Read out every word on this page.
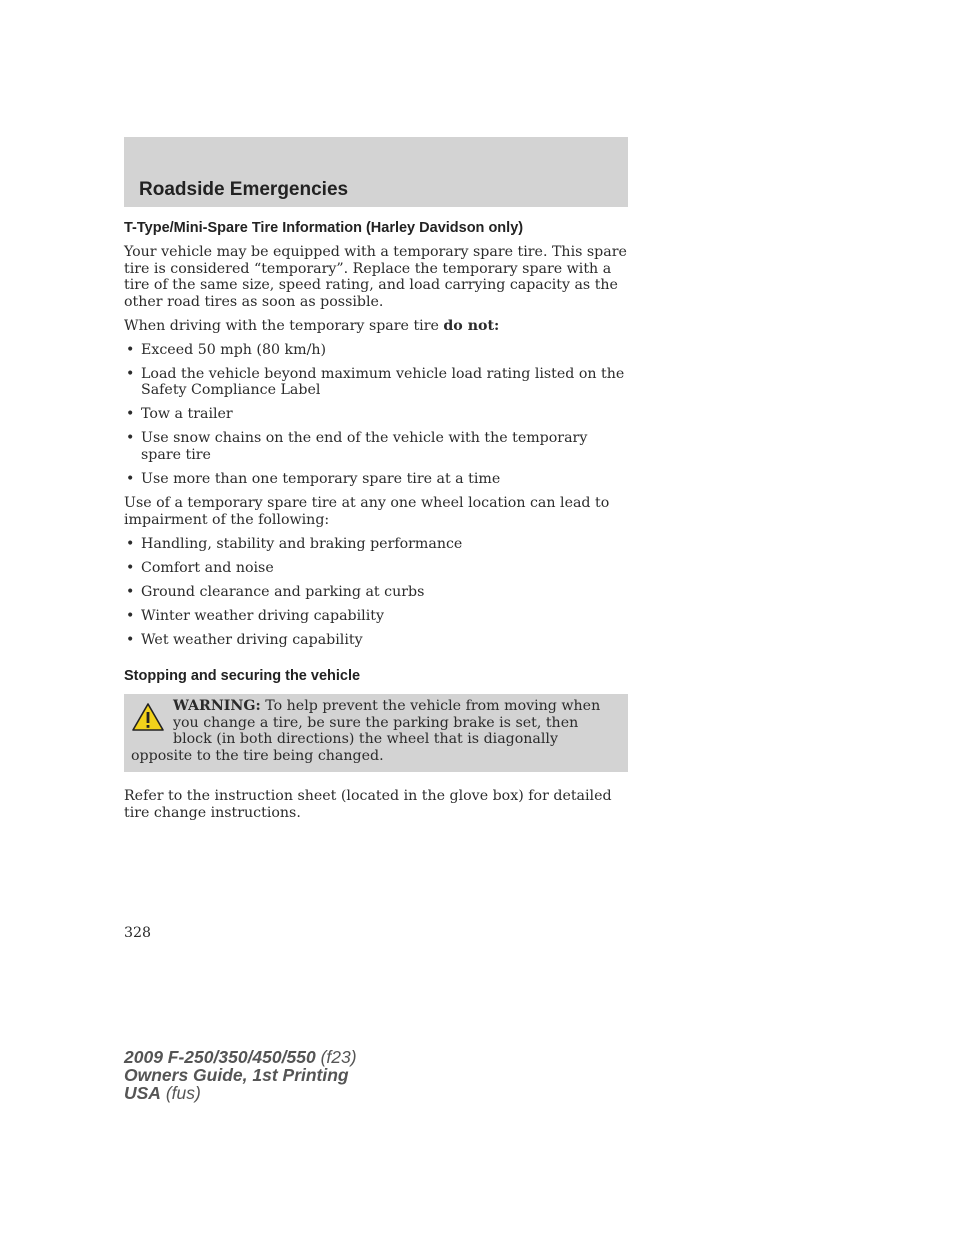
Roadside Emergencies
T-Type/Mini-Spare Tire Information (Harley Davidson only)

Your vehicle may be equipped with a temporary spare tire. This spare tire is considered “temporary”. Replace the temporary spare with a tire of the same size, speed rating, and load carrying capacity as the other road tires as soon as possible.

When driving with the temporary spare tire do not:

• Exceed 50 mph (80 km/h)
• Load the vehicle beyond maximum vehicle load rating listed on the Safety Compliance Label
• Tow a trailer
• Use snow chains on the end of the vehicle with the temporary spare tire
• Use more than one temporary spare tire at a time

Use of a temporary spare tire at any one wheel location can lead to impairment of the following:

• Handling, stability and braking performance
• Comfort and noise
• Ground clearance and parking at curbs
• Winter weather driving capability
• Wet weather driving capability
Stopping and securing the vehicle

WARNING: To help prevent the vehicle from moving when you change a tire, be sure the parking brake is set, then block (in both directions) the wheel that is diagonally opposite to the tire being changed.

Refer to the instruction sheet (located in the glove box) for detailed tire change instructions.

328

2009 F-250/350/450/550 (f23)
Owners Guide, 1st Printing
USA (fus)
